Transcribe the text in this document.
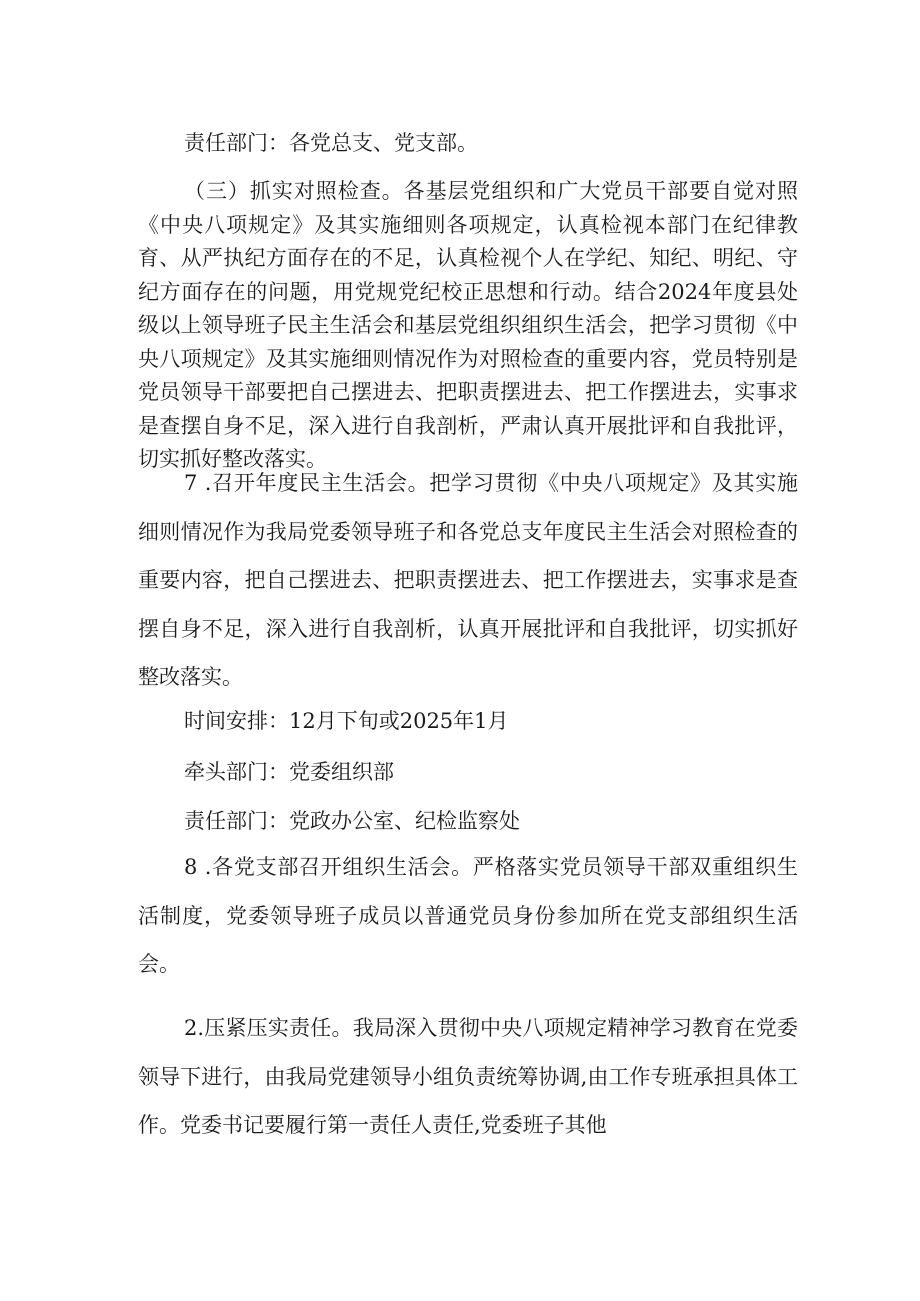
责任部门：各党总支、党支部。

（三）抓实对照检查。各基层党组织和广大党员干部要自觉对照《中央八项规定》及其实施细则各项规定，认真检视本部门在纪律教育、从严执纪方面存在的不足，认真检视个人在学纪、知纪、明纪、守纪方面存在的问题，用党规党纪校正思想和行动。结合2024年度县处级以上领导班子民主生活会和基层党组织组织生活会，把学习贯彻《中央八项规定》及其实施细则情况作为对照检查的重要内容，党员特别是党员领导干部要把自己摆进去、把职责摆进去、把工作摆进去，实事求是查摆自身不足，深入进行自我剖析，严肃认真开展批评和自我批评，切实抓好整改落实。

7 .召开年度民主生活会。把学习贯彻《中央八项规定》及其实施细则情况作为我局党委领导班子和各党总支年度民主生活会对照检查的重要内容，把自己摆进去、把职责摆进去、把工作摆进去，实事求是查摆自身不足，深入进行自我剖析，认真开展批评和自我批评，切实抓好整改落实。

时间安排：12月下旬或2025年1月

牵头部门：党委组织部

责任部门：党政办公室、纪检监察处

8 .各党支部召开组织生活会。严格落实党员领导干部双重组织生活制度，党委领导班子成员以普通党员身份参加所在党支部组织生活会。

2.压紧压实责任。我局深入贯彻中央八项规定精神学习教育在党委领导下进行，由我局党建领导小组负责统筹协调,由工作专班承担具体工作。党委书记要履行第一责任人责任,党委班子其他
